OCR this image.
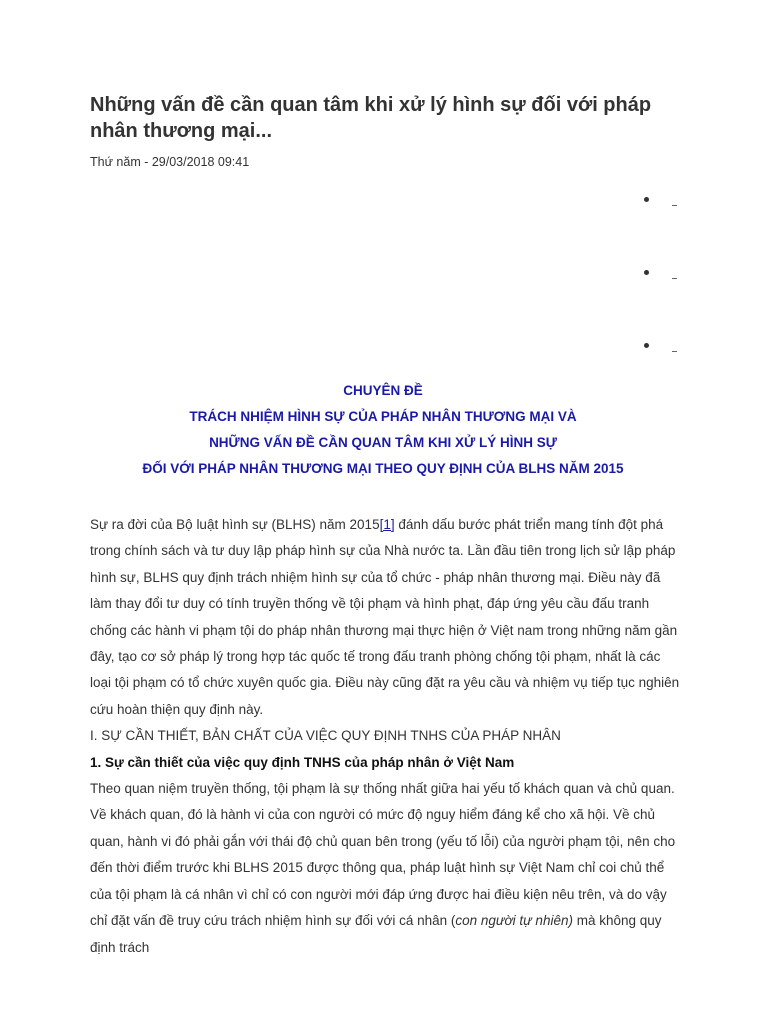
Những vấn đề cần quan tâm khi xử lý hình sự đối với pháp nhân thương mại...
Thứ năm - 29/03/2018 09:41
CHUYÊN ĐỀ
TRÁCH NHIỆM HÌNH SỰ CỦA PHÁP NHÂN THƯƠNG MẠI VÀ
NHỮNG VẤN ĐỀ CẦN QUAN TÂM KHI XỬ LÝ HÌNH SỰ
ĐỐI VỚI PHÁP NHÂN THƯƠNG MẠI THEO QUY ĐỊNH CỦA BLHS NĂM 2015

Sự ra đời của Bộ luật hình sự (BLHS) năm 2015[1] đánh dấu bước phát triển mang tính đột phá trong chính sách và tư duy lập pháp hình sự của Nhà nước ta. Lần đầu tiên trong lịch sử lập pháp hình sự, BLHS quy định trách nhiệm hình sự của tổ chức - pháp nhân thương mại. Điều này đã làm thay đổi tư duy có tính truyền thống về tội phạm và hình phạt, đáp ứng yêu cầu đấu tranh chống các hành vi phạm tội do pháp nhân thương mại thực hiện ở Việt nam trong những năm gần đây, tạo cơ sở pháp lý trong hợp tác quốc tế trong đấu tranh phòng chống tội phạm, nhất là các loại tội phạm có tổ chức xuyên quốc gia. Điều này cũng đặt ra yêu cầu và nhiệm vụ tiếp tục nghiên cứu hoàn thiện quy định này.

I. SỰ CẦN THIẾT, BẢN CHẤT CỦA VIỆC QUY ĐỊNH TNHS CỦA PHÁP NHÂN

1. Sự cần thiết của việc quy định TNHS của pháp nhân ở Việt Nam

Theo quan niệm truyền thống, tội phạm là sự thống nhất giữa hai yếu tố khách quan và chủ quan. Về khách quan, đó là hành vi của con người có mức độ nguy hiểm đáng kể cho xã hội. Về chủ quan, hành vi đó phải gắn với thái độ chủ quan bên trong (yếu tố lỗi) của người phạm tội, nên cho đến thời điểm trước khi BLHS 2015 được thông qua, pháp luật hình sự Việt Nam chỉ coi chủ thể của tội phạm là cá nhân vì chỉ có con người mới đáp ứng được hai điều kiện nêu trên, và do vậy chỉ đặt vấn đề truy cứu trách nhiệm hình sự đối với cá nhân (con người tự nhiên) mà không quy định trách
